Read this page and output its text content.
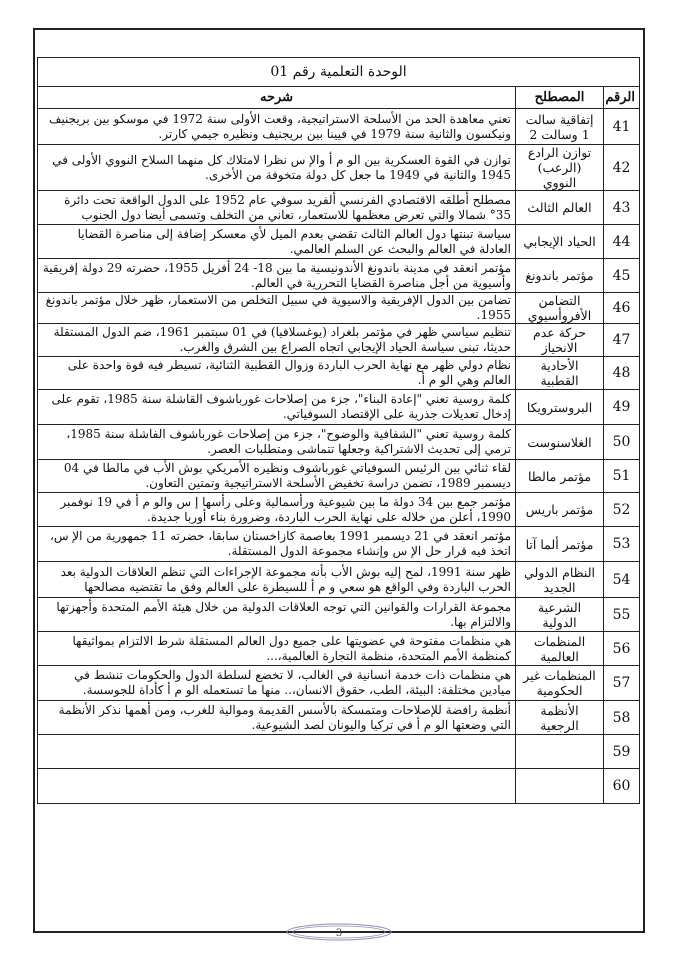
الوحدة التعلمية رقم 01		
الرقم	المصطلح	شرحه
41	إتفاقية سالت 1 وسالت 2	تعني معاهدة الحد من الأسلحة الاستراتيجية، وقعت الأولى سنة 1972 في موسكو بين بريجنيف ونيكسون والثانية سنة 1979 في فيينا بين بريجنيف ونظيره جيمي كارتر.
42	توازن الرادع (الرعب) النووي	توازن في القوة العسكرية بين الو م أ والإ س نظرا لامتلاك كل منهما السلاح النووي الأولى في 1945 والثانية في 1949 ما جعل كل دولة متخوفة من الأخرى.
43	العالم الثالث	مصطلح أطلقه الاقتصادي الفرنسي ألفريد سوفي عام 1952 على الدول الواقعة تحت دائرة 35° شمالا والتي تعرض معظمها للاستعمار، تعاني من التخلف وتسمى أيضا دول الجنوب
44	الحياد الإيجابي	سياسة تبنتها دول العالم الثالث تقضي بعدم الميل لأي معسكر إضافة إلى مناصرة القضايا العادلة في العالم والبحث عن السلم العالمي.
45	مؤتمر باندونغ	مؤتمر انعقد في مدينة باندونغ الأندونيسية ما بين 18- 24 أفريل 1955، حضرته 29 دولة إفريقية وأسيوية من أجل مناصرة القضايا التحررية في العالم.
46	التضامن الأفروأسيوي	تضامن بين الدول الإفريقية والاسيوية في سبيل التخلص من الاستعمار، ظهر خلال مؤتمر باندونغ 1955.
47	حركة عدم الانحياز	تنظيم سياسي ظهر في مؤتمر بلغراد (يوغسلافيا) في 01 سبتمبر 1961، ضم الدول المستقلة حديثا، تبنى سياسة الحياد الإيجابي اتجاه الصراع بين الشرق والغرب.
48	الأحادية القطبية	نظام دولي ظهر مع نهاية الحرب الباردة وزوال القطبية الثنائية، تسيطر فيه قوة واحدة على العالم وهي الو م أ.
49	البروسترويكا	كلمة روسية تعني "إعادة البناء"، جزء من إصلاحات غورباشوف القاشلة سنة 1985، تقوم على إدخال تعديلات جذرية على الإقتصاد السوفياتي.
50	الغلاسنوست	كلمة روسية تعني "الشفافية والوضوح"، جزء من إصلاحات غورباشوف الفاشلة سنة 1985، ترمي إلى تحديث الاشتراكية وجعلها تتماشى ومتطلبات العصر.
51	مؤتمر مالطا	لقاء ثنائي بين الرئيس السوفياتي غورباشوف ونظيره الأمريكي بوش الأب في مالطا في 04 ديسمبر 1989، تضمن دراسة تخفيض الأسلحة الاستراتيجية وتمتين التعاون.
52	مؤتمر باريس	مؤتمر جمع بين 34 دولة ما بين شيوعية ورأسمالية وعلى رأسها إ س والو م أ في 19 نوفمبر 1990، أعلن من خلاله على نهاية الحرب الباردة، وضرورة بناء أوربا جديدة.
53	مؤتمر ألما آتا	مؤتمر انعقد في 21 ديسمبر 1991 بعاصمة كازاخستان سابقا، حضرته 11 جمهورية من الإ س، اتخذ فيه قرار حل الإ س وإنشاء مجموعة الدول المستقلة.
54	النظام الدولي الجديد	ظهر سنة 1991، لمح إليه بوش الأب بأنه مجموعة الإجراءات التي تنظم العلاقات الدولية بعد الحرب الباردة وفي الواقع هو سعي و م أ للسيطرة على العالم وفق ما تقتضيه مصالحها
55	الشرعية الدولية	مجموعة القرارات والقوانين التي توجه العلاقات الدولية من خلال هيئة الأمم المتحدة وأجهزتها والالتزام بها.
56	المنظمات العالمية	هي منظمات مفتوحة في عضويتها على جميع دول العالم المستقلة شرط الالتزام بمواثيقها كمنظمة الأمم المتحدة، منظمة التجارة العالمية،...
57	المنظمات غير الحكومية	هي منظمات ذات خدمة انسانية في الغالب، لا تخضع لسلطة الدول والحكومات تنشط في ميادين مختلفة: البيئة، الطب، حقوق الانسان،.. منها ما تستعمله الو م أ كأداة للجوسسة.
58	الأنظمة الرجعية	أنظمة رافضة للإصلاحات ومتمسكة بالأسس القديمة وموالية للغرب، ومن أهمها نذكر الأنظمة التي وضعتها الو م أ في تركيا واليونان لصد الشيوعية.
59		
60		
3
